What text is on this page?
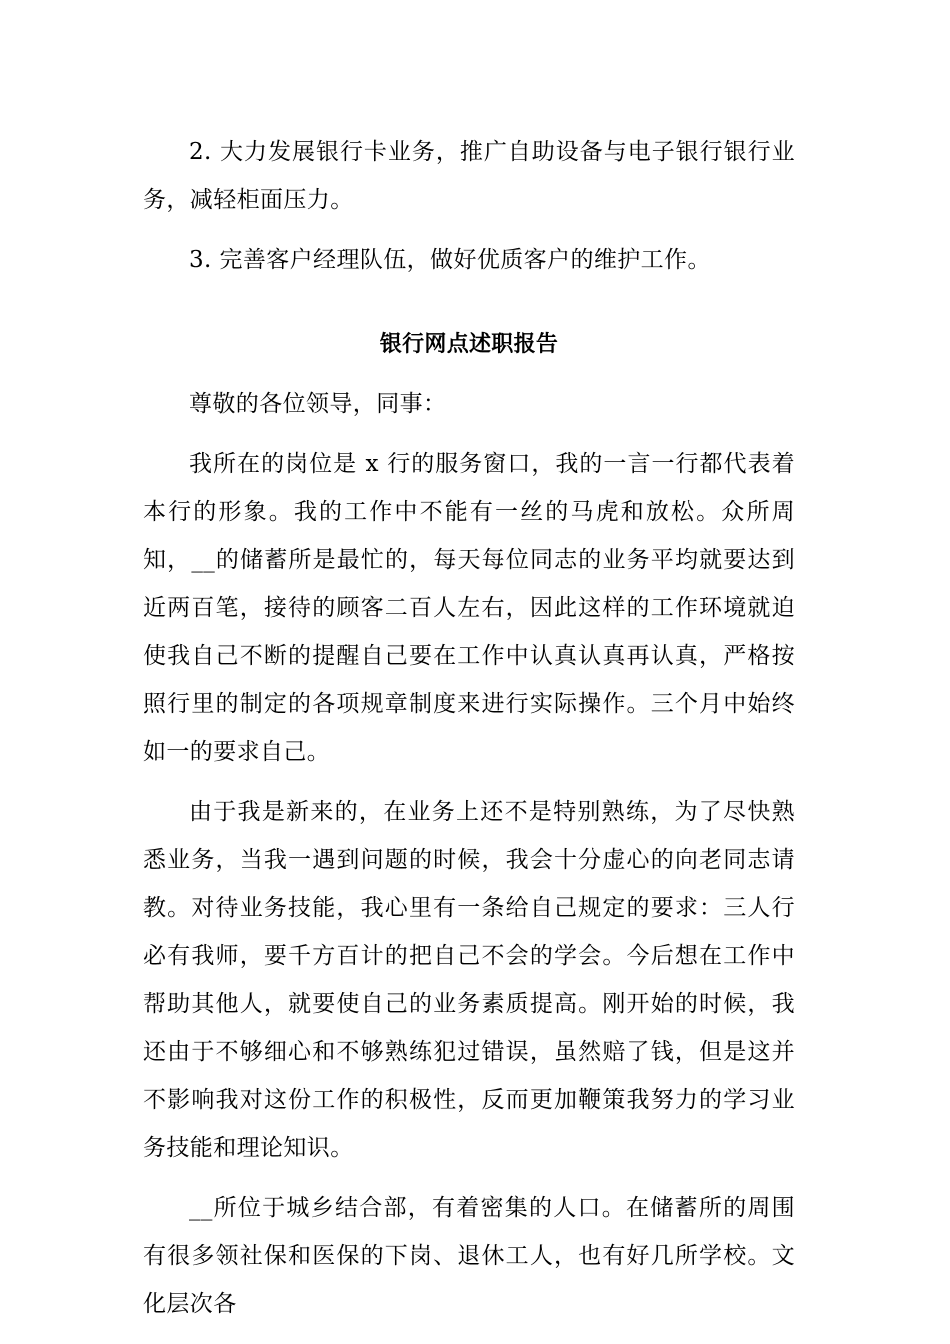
2. 大力发展银行卡业务，推广自助设备与电子银行银行业务，减轻柜面压力。

3. 完善客户经理队伍，做好优质客户的维护工作。

银行网点述职报告

尊敬的各位领导，同事：

我所在的岗位是 x 行的服务窗口，我的一言一行都代表着本行的形象。我的工作中不能有一丝的马虎和放松。众所周知，__的储蓄所是最忙的，每天每位同志的业务平均就要达到近两百笔，接待的顾客二百人左右，因此这样的工作环境就迫使我自己不断的提醒自己要在工作中认真认真再认真，严格按照行里的制定的各项规章制度来进行实际操作。三个月中始终如一的要求自己。

由于我是新来的，在业务上还不是特别熟练，为了尽快熟悉业务，当我一遇到问题的时候，我会十分虚心的向老同志请教。对待业务技能，我心里有一条给自己规定的要求：三人行必有我师，要千方百计的把自己不会的学会。今后想在工作中帮助其他人，就要使自己的业务素质提高。刚开始的时候，我还由于不够细心和不够熟练犯过错误，虽然赔了钱，但是这并不影响我对这份工作的积极性，反而更加鞭策我努力的学习业务技能和理论知识。

__所位于城乡结合部，有着密集的人口。在储蓄所的周围有很多领社保和医保的下岗、退休工人，也有好几所学校。文化层次各
